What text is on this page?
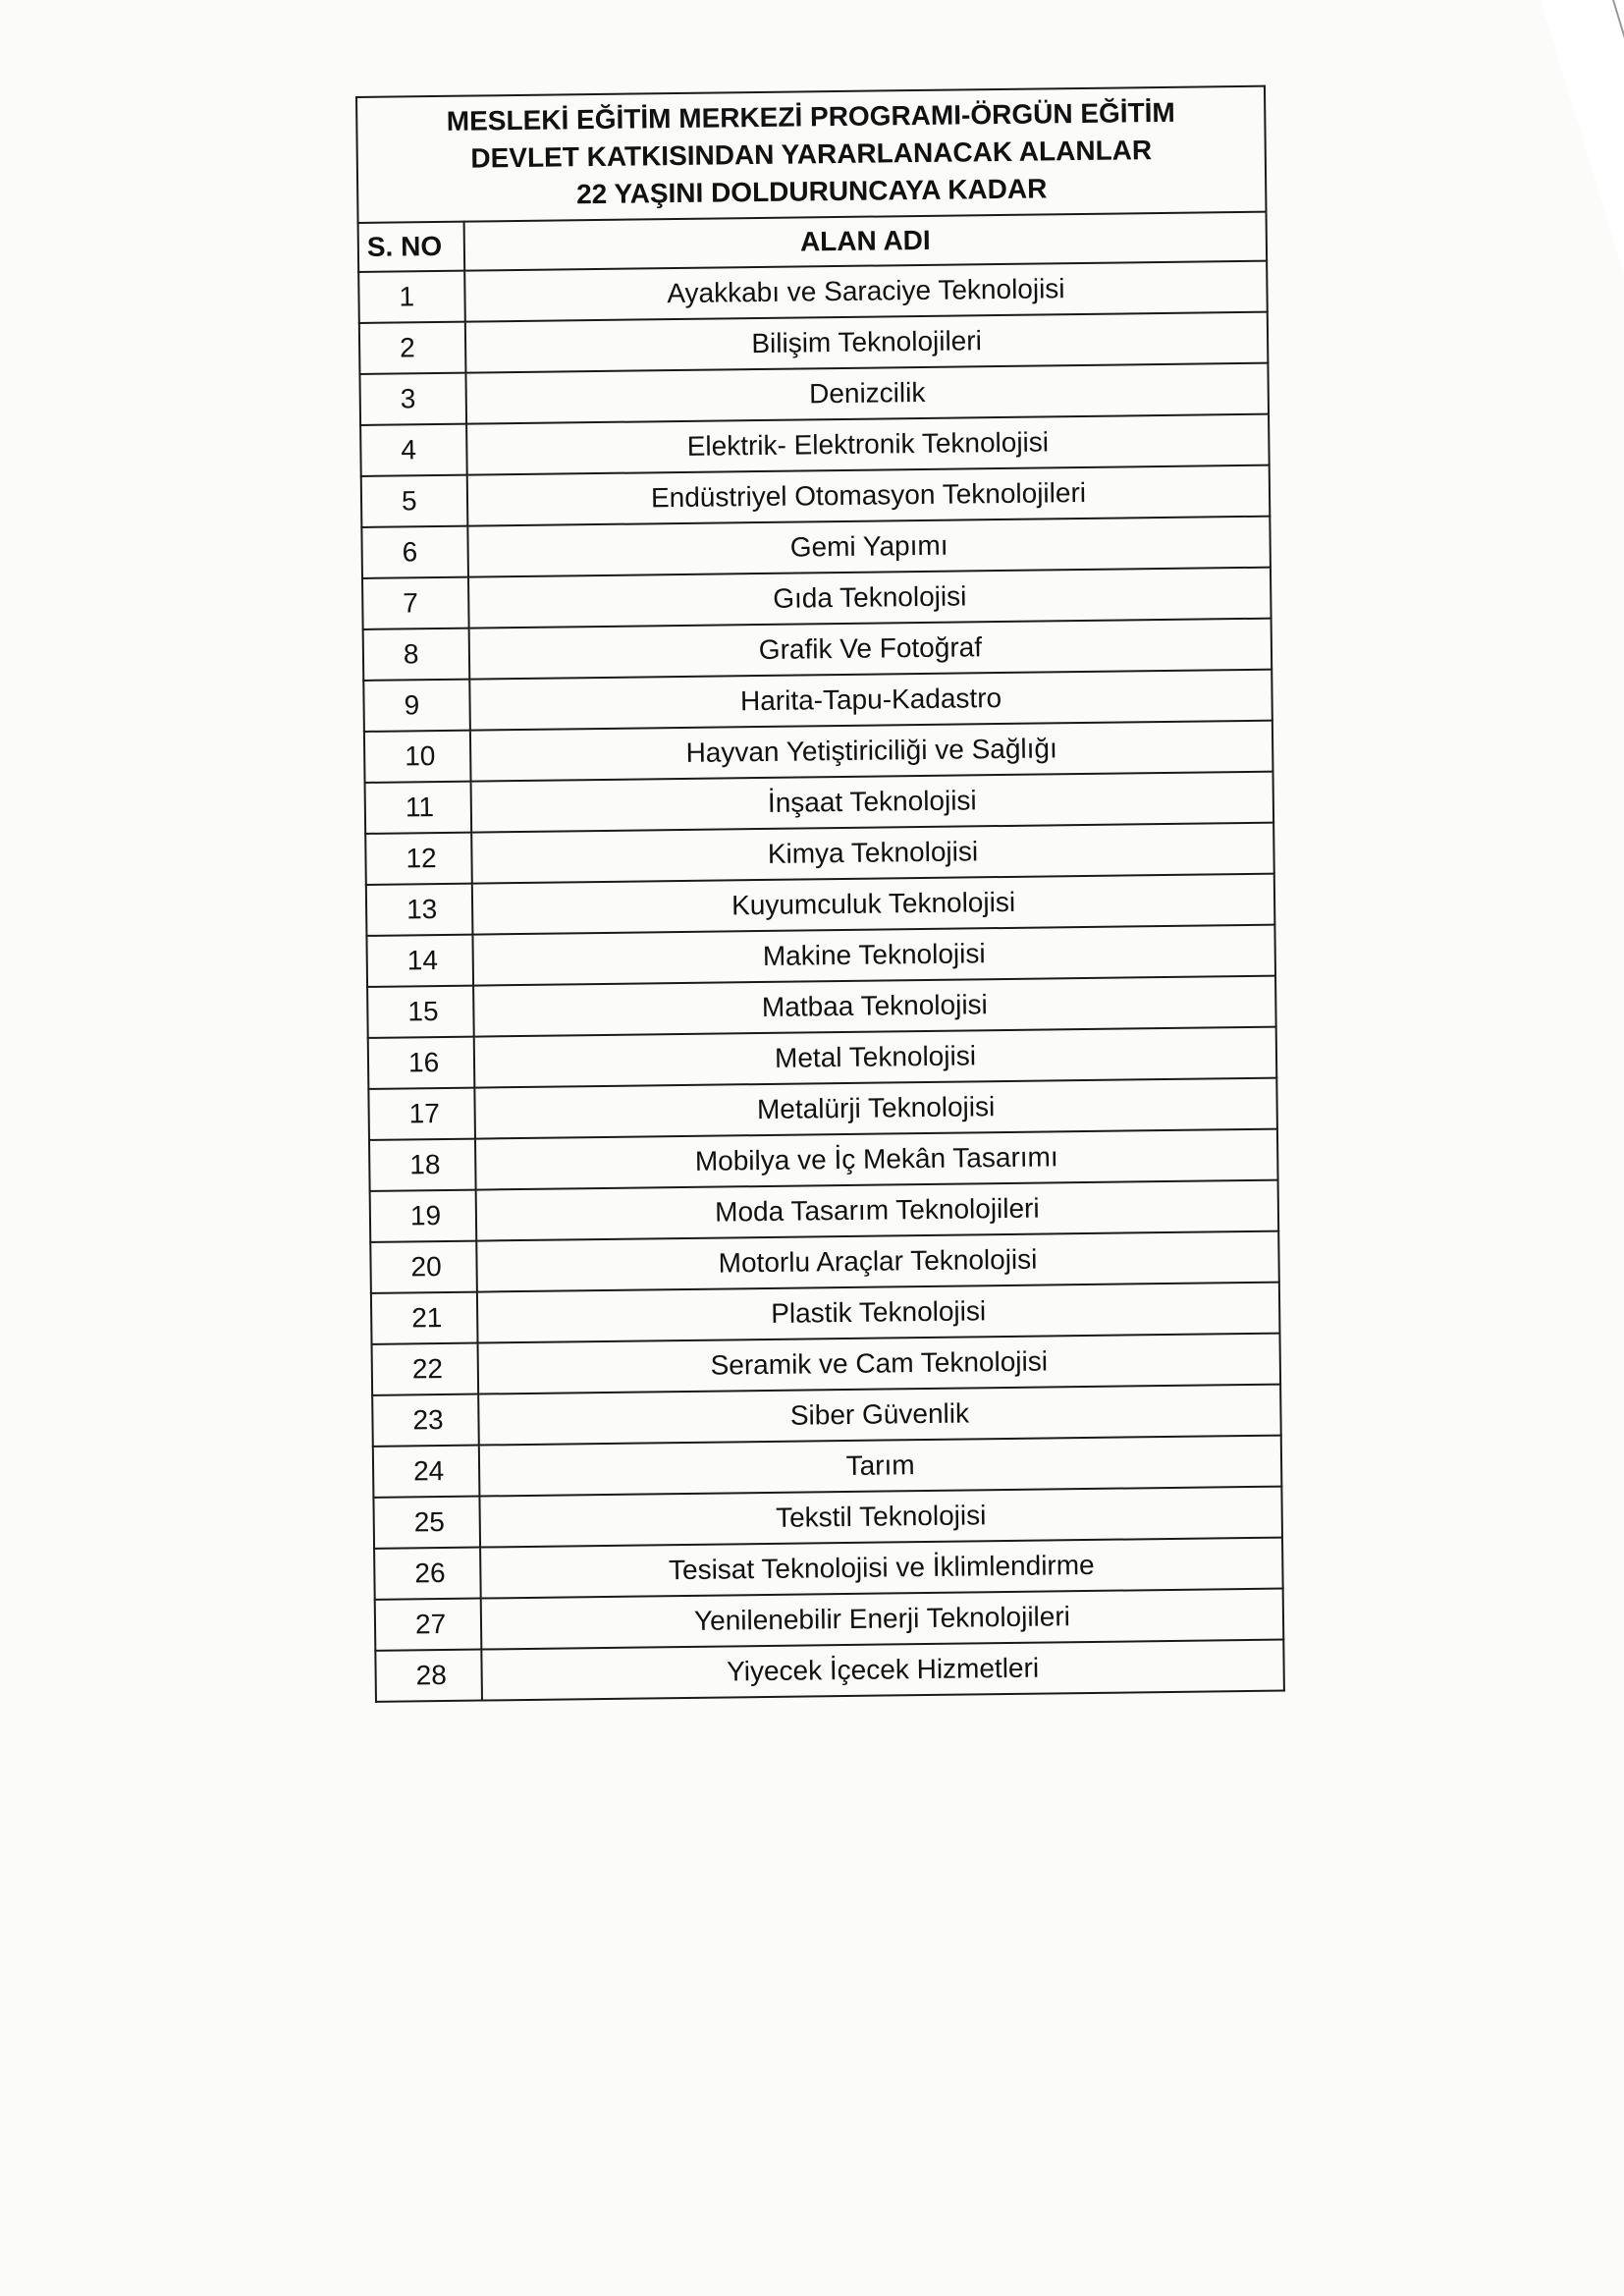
MESLEKİ EĞİTİM MERKEZİ PROGRAMI-ÖRGÜN EĞİTİM
DEVLET KATKISINDAN YARARLANACAK ALANLAR
22 YAŞINI DOLDURUNCAYA KADAR	

S. NO	ALAN ADI
1	Ayakkabı ve Saraciye Teknolojisi
2	Bilişim Teknolojileri
3	Denizcilik
4	Elektrik- Elektronik Teknolojisi
5	Endüstriyel Otomasyon Teknolojileri
6	Gemi Yapımı
7	Gıda Teknolojisi
8	Grafik Ve Fotoğraf
9	Harita-Tapu-Kadastro
10	Hayvan Yetiştiriciliği ve Sağlığı
11	İnşaat Teknolojisi
12	Kimya Teknolojisi
13	Kuyumculuk Teknolojisi
14	Makine Teknolojisi
15	Matbaa Teknolojisi
16	Metal Teknolojisi
17	Metalürji Teknolojisi
18	Mobilya ve İç Mekân Tasarımı
19	Moda Tasarım Teknolojileri
20	Motorlu Araçlar Teknolojisi
21	Plastik Teknolojisi
22	Seramik ve Cam Teknolojisi
23	Siber Güvenlik
24	Tarım
25	Tekstil Teknolojisi
26	Tesisat Teknolojisi ve İklimlendirme
27	Yenilenebilir Enerji Teknolojileri
28	Yiyecek İçecek Hizmetleri
